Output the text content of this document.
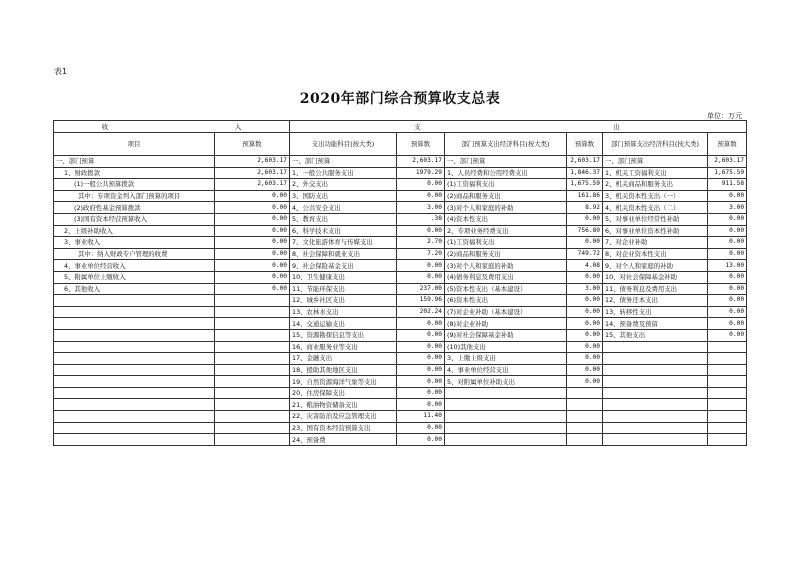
表1
2020年部门综合预算收支总表
单位：万元
收　　入		支　　出					
项目	预算数	支出功能科目(按大类)	预算数	部门预算支出经济科目(按大类)	预算数	部门预算支出经济科目(按大类)	预算数
一、部门预算	2,603.17	一、部门预算	2,603.17	一、部门预算	2,603.17	一、部门预算	2,603.17
1、财政拨款	2,603.17	1、一般公共服务支出	1979.29	1、人员经费和公用经费支出	1,846.37	1、机关工资福利支出	1,675.59
(1)一般公共预算拨款	2,603.17	2、外交支出	0.00	(1)工资福利支出	1,675.59	2、机关商品和服务支出	911.58
其中：专项资金列入部门预算的项目	0.00	3、国防支出	0.00	(2)商品和服务支出	161.86	3、机关资本性支出（一）	0.00
(2)政府性基金预算拨款	0.00	4、公共安全支出	3.00	(3)对个人和家庭的补助	8.92	4、机关资本性支出（二）	3.00
(3)国有资本经营预算收入	0.00	5、教育支出	.38	(4)资本性支出	0.00	5、对事业单位经常性补助	0.00
2、上级补助收入	0.00	6、科学技术支出	0.00	2、专项业务经费支出	756.80	6、对事业单位资本性补助	0.00
3、事业收入	0.00	7、文化旅游体育与传媒支出	2.70	(1)工资福利支出	0.00	7、对企业补助	0.00
其中：纳入财政专户管理的收费	0.00	8、社会保障和就业支出	7.20	(2)商品和服务支出	749.72	8、对企业资本性支出	0.00
4、事业单位经营收入	0.00	9、社会保险基金支出	0.00	(3)对个人和家庭的补助	4.08	9、对个人和家庭的补助	13.00
5、附属单位上缴收入	0.00	10、卫生健康支出	0.00	(4)债务利息及费用支出	0.00	10、对社会保障基金补助	0.00
6、其他收入	0.00	11、节能环保支出	237.00	(5)资本性支出（基本建设）	3.00	11、债务利息及费用支出	0.00
		12、城乡社区支出	159.96	(6)资本性支出	0.00	12、债务还本支出	0.00
		13、农林水支出	202.24	(7)对企业补助（基本建设）	0.00	13、转移性支出	0.00
		14、交通运输支出	0.00	(8)对企业补助	0.00	14、预备费及预留	0.00
		15、资源勘探信息等支出	0.00	(9)对社会保障基金补助	0.00	15、其他支出	0.00
		16、商业服务业等支出	0.00	(10)其他支出	0.00		
		17、金融支出	0.00	3、上缴上级支出	0.00		
		18、援助其他地区支出	0.00	4、事业单位经营支出	0.00		
		19、自然资源海洋气象等支出	0.00	5、对附属单位补助支出	0.00		
		20、住房保障支出	0.00				
		21、粮油物资储备支出	0.00				
		22、灾害防治及应急管理支出	11.40				
		23、国有资本经营预算支出	0.00				
		24、预备费	0.00				
